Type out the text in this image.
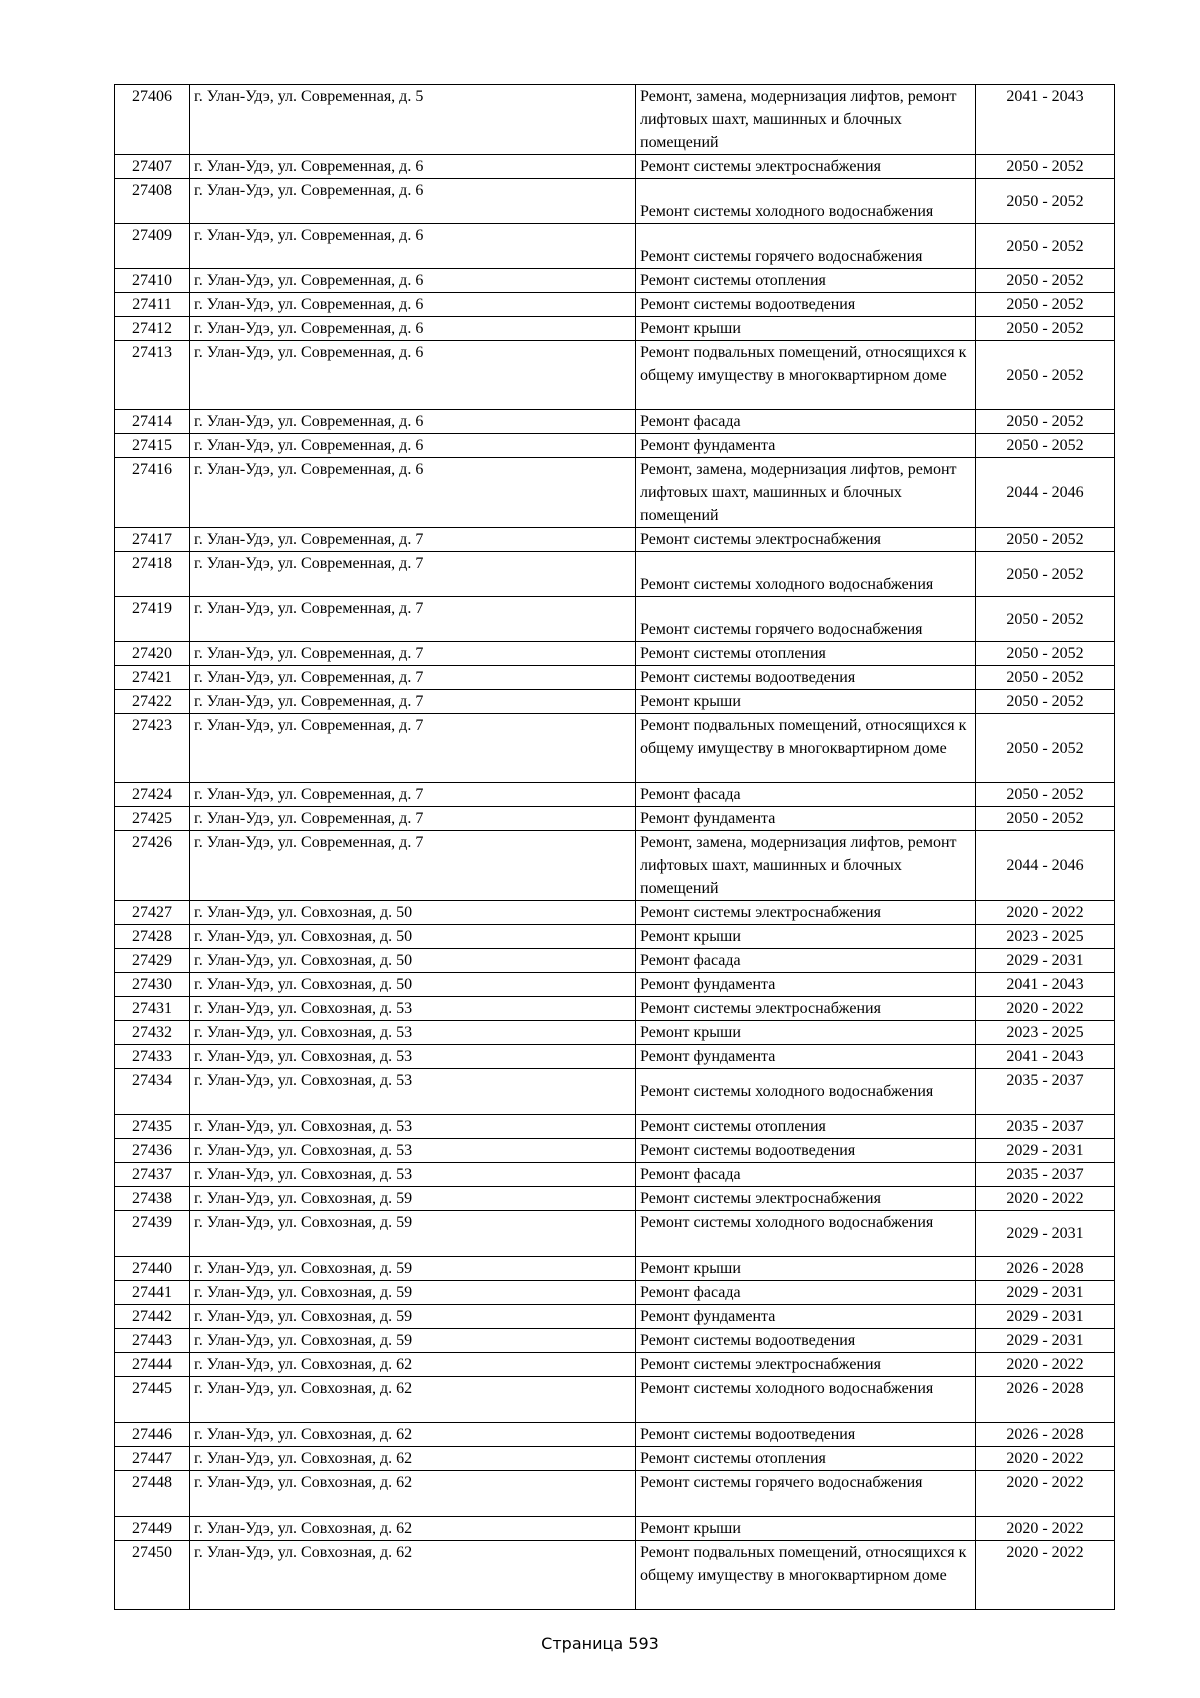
27406	г. Улан-Удэ, ул. Современная, д. 5	Ремонт, замена, модернизация лифтов, ремонт лифтовых шахт, машинных и блочных помещений	2041 - 2043
27407	г. Улан-Удэ, ул. Современная, д. 6	Ремонт системы электроснабжения	2050 - 2052
27408	г. Улан-Удэ, ул. Современная, д. 6	Ремонт системы холодного водоснабжения	2050 - 2052
27409	г. Улан-Удэ, ул. Современная, д. 6	Ремонт системы горячего водоснабжения	2050 - 2052
27410	г. Улан-Удэ, ул. Современная, д. 6	Ремонт системы отопления	2050 - 2052
27411	г. Улан-Удэ, ул. Современная, д. 6	Ремонт системы водоотведения	2050 - 2052
27412	г. Улан-Удэ, ул. Современная, д. 6	Ремонт крыши	2050 - 2052
27413	г. Улан-Удэ, ул. Современная, д. 6	Ремонт подвальных помещений, относящихся к общему имуществу в многоквартирном доме	2050 - 2052
27414	г. Улан-Удэ, ул. Современная, д. 6	Ремонт фасада	2050 - 2052
27415	г. Улан-Удэ, ул. Современная, д. 6	Ремонт фундамента	2050 - 2052
27416	г. Улан-Удэ, ул. Современная, д. 6	Ремонт, замена, модернизация лифтов, ремонт лифтовых шахт, машинных и блочных помещений	2044 - 2046
27417	г. Улан-Удэ, ул. Современная, д. 7	Ремонт системы электроснабжения	2050 - 2052
27418	г. Улан-Удэ, ул. Современная, д. 7	Ремонт системы холодного водоснабжения	2050 - 2052
27419	г. Улан-Удэ, ул. Современная, д. 7	Ремонт системы горячего водоснабжения	2050 - 2052
27420	г. Улан-Удэ, ул. Современная, д. 7	Ремонт системы отопления	2050 - 2052
27421	г. Улан-Удэ, ул. Современная, д. 7	Ремонт системы водоотведения	2050 - 2052
27422	г. Улан-Удэ, ул. Современная, д. 7	Ремонт крыши	2050 - 2052
27423	г. Улан-Удэ, ул. Современная, д. 7	Ремонт подвальных помещений, относящихся к общему имуществу в многоквартирном доме	2050 - 2052
27424	г. Улан-Удэ, ул. Современная, д. 7	Ремонт фасада	2050 - 2052
27425	г. Улан-Удэ, ул. Современная, д. 7	Ремонт фундамента	2050 - 2052
27426	г. Улан-Удэ, ул. Современная, д. 7	Ремонт, замена, модернизация лифтов, ремонт лифтовых шахт, машинных и блочных помещений	2044 - 2046
27427	г. Улан-Удэ, ул. Совхозная, д. 50	Ремонт системы электроснабжения	2020 - 2022
27428	г. Улан-Удэ, ул. Совхозная, д. 50	Ремонт крыши	2023 - 2025
27429	г. Улан-Удэ, ул. Совхозная, д. 50	Ремонт фасада	2029 - 2031
27430	г. Улан-Удэ, ул. Совхозная, д. 50	Ремонт фундамента	2041 - 2043
27431	г. Улан-Удэ, ул. Совхозная, д. 53	Ремонт системы электроснабжения	2020 - 2022
27432	г. Улан-Удэ, ул. Совхозная, д. 53	Ремонт крыши	2023 - 2025
27433	г. Улан-Удэ, ул. Совхозная, д. 53	Ремонт фундамента	2041 - 2043
27434	г. Улан-Удэ, ул. Совхозная, д. 53	Ремонт системы холодного водоснабжения	2035 - 2037
27435	г. Улан-Удэ, ул. Совхозная, д. 53	Ремонт системы отопления	2035 - 2037
27436	г. Улан-Удэ, ул. Совхозная, д. 53	Ремонт системы водоотведения	2029 - 2031
27437	г. Улан-Удэ, ул. Совхозная, д. 53	Ремонт фасада	2035 - 2037
27438	г. Улан-Удэ, ул. Совхозная, д. 59	Ремонт системы электроснабжения	2020 - 2022
27439	г. Улан-Удэ, ул. Совхозная, д. 59	Ремонт системы холодного водоснабжения	2029 - 2031
27440	г. Улан-Удэ, ул. Совхозная, д. 59	Ремонт крыши	2026 - 2028
27441	г. Улан-Удэ, ул. Совхозная, д. 59	Ремонт фасада	2029 - 2031
27442	г. Улан-Удэ, ул. Совхозная, д. 59	Ремонт фундамента	2029 - 2031
27443	г. Улан-Удэ, ул. Совхозная, д. 59	Ремонт системы водоотведения	2029 - 2031
27444	г. Улан-Удэ, ул. Совхозная, д. 62	Ремонт системы электроснабжения	2020 - 2022
27445	г. Улан-Удэ, ул. Совхозная, д. 62	Ремонт системы холодного водоснабжения	2026 - 2028
27446	г. Улан-Удэ, ул. Совхозная, д. 62	Ремонт системы водоотведения	2026 - 2028
27447	г. Улан-Удэ, ул. Совхозная, д. 62	Ремонт системы отопления	2020 - 2022
27448	г. Улан-Удэ, ул. Совхозная, д. 62	Ремонт системы горячего водоснабжения	2020 - 2022
27449	г. Улан-Удэ, ул. Совхозная, д. 62	Ремонт крыши	2020 - 2022
27450	г. Улан-Удэ, ул. Совхозная, д. 62	Ремонт подвальных помещений, относящихся к общему имуществу в многоквартирном доме	2020 - 2022
Страница 593
